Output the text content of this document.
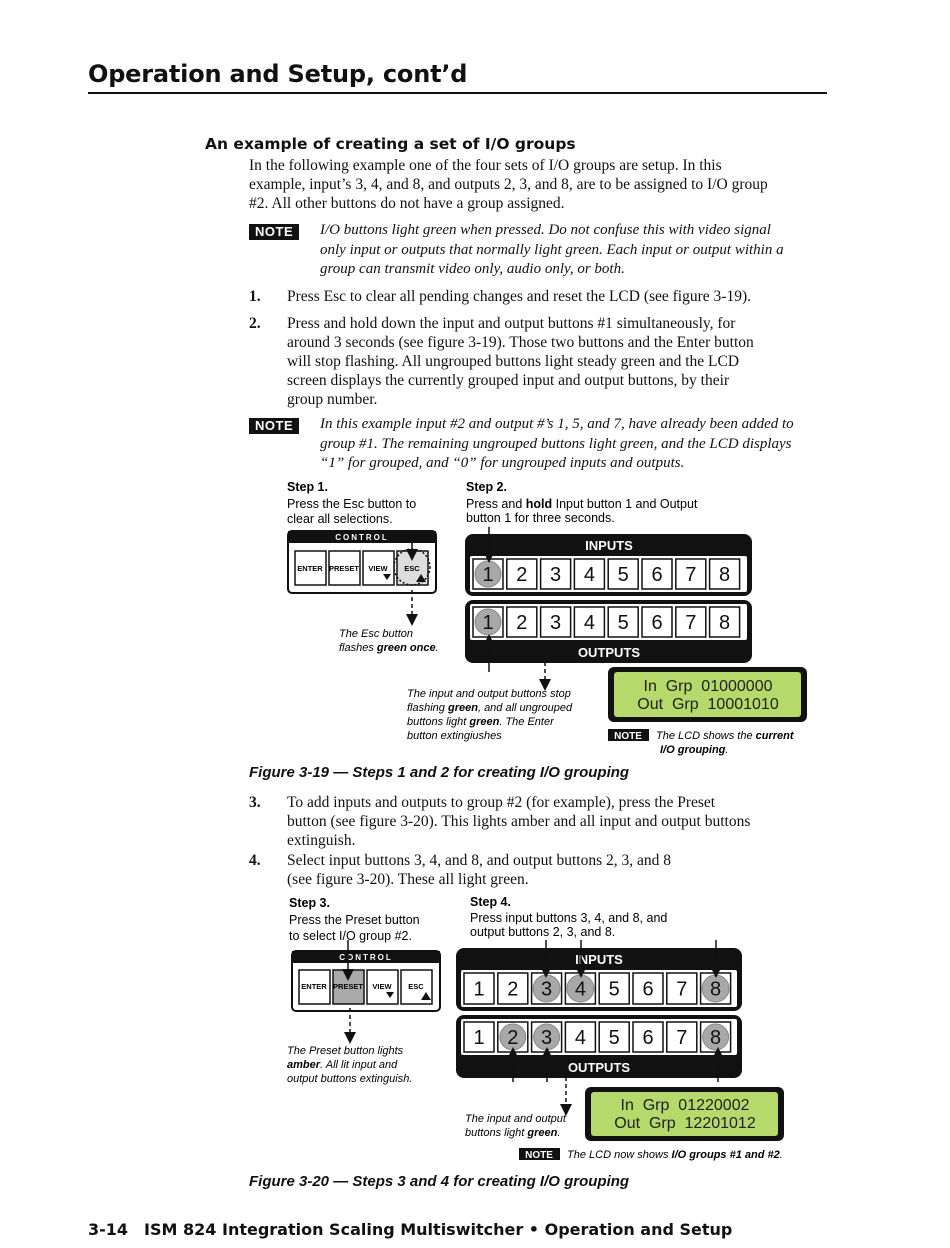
Operation and Setup, cont’d
An example of creating a set of I/O groups
In the following example one of the four sets of I/O groups are setup. In this
example, input’s 3, 4, and 8, and outputs 2, 3, and 8, are to be assigned to I/O group
#2. All other buttons do not have a group assigned.
NOTE	I/O buttons light green when pressed. Do not confuse this with video signal
only input or outputs that normally light green. Each input or output within a
group can transmit video only, audio only, or both.
1. Press Esc to clear all pending changes and reset the LCD (see figure 3-19).
2. Press and hold down the input and output buttons #1 simultaneously, for
around 3 seconds (see figure 3-19). Those two buttons and the Enter button
will stop flashing. All ungrouped buttons light steady green and the LCD
screen displays the currently grouped input and output buttons, by their
group number.
NOTE	In this example input #2 and output #’s 1, 5, and 7, have already been added to
group #1. The remaining ungrouped buttons light green, and the LCD displays
“1” for grouped, and “0” for ungrouped inputs and outputs.
Step 1.
Press the Esc button to
clear all selections.
Step 2.
Press and hold Input button 1 and Output
button 1 for three seconds.
CONTROL
ENTER PRESET VIEW ESC
The Esc button
flashes green once.
INPUTS
1 2 3 4 5 6 7 8
1 2 3 4 5 6 7 8
OUTPUTS
The input and output buttons stop
flashing green, and all ungrouped
buttons light green. The Enter
button extingiushes
In  Grp  01000000
Out  Grp  10001010
NOTE The LCD shows the current
I/O grouping.
Figure 3-19 — Steps 1 and 2 for creating I/O grouping
3. To add inputs and outputs to group #2 (for example), press the Preset
button (see figure 3-20). This lights amber and all input and output buttons
extinguish.
4. Select input buttons 3, 4, and 8, and output buttons 2, 3, and 8
(see figure 3-20). These all light green.
Step 3.
Press the Preset button
to select I/O group #2.
Step 4.
Press input buttons 3, 4, and 8, and
output buttons 2, 3, and 8.
CONTROL
ENTER PRESET VIEW ESC
The Preset button lights
amber. All lit input and
output buttons extinguish.
INPUTS
1 2 3 4 5 6 7 8
1 2 3 4 5 6 7 8
OUTPUTS
The input and output
buttons light green.
In  Grp  01220002
Out  Grp  12201012
NOTE The LCD now shows I/O groups #1 and #2.
Figure 3-20 — Steps 3 and 4 for creating I/O grouping
3-14 ISM 824 Integration Scaling Multiswitcher • Operation and Setup
